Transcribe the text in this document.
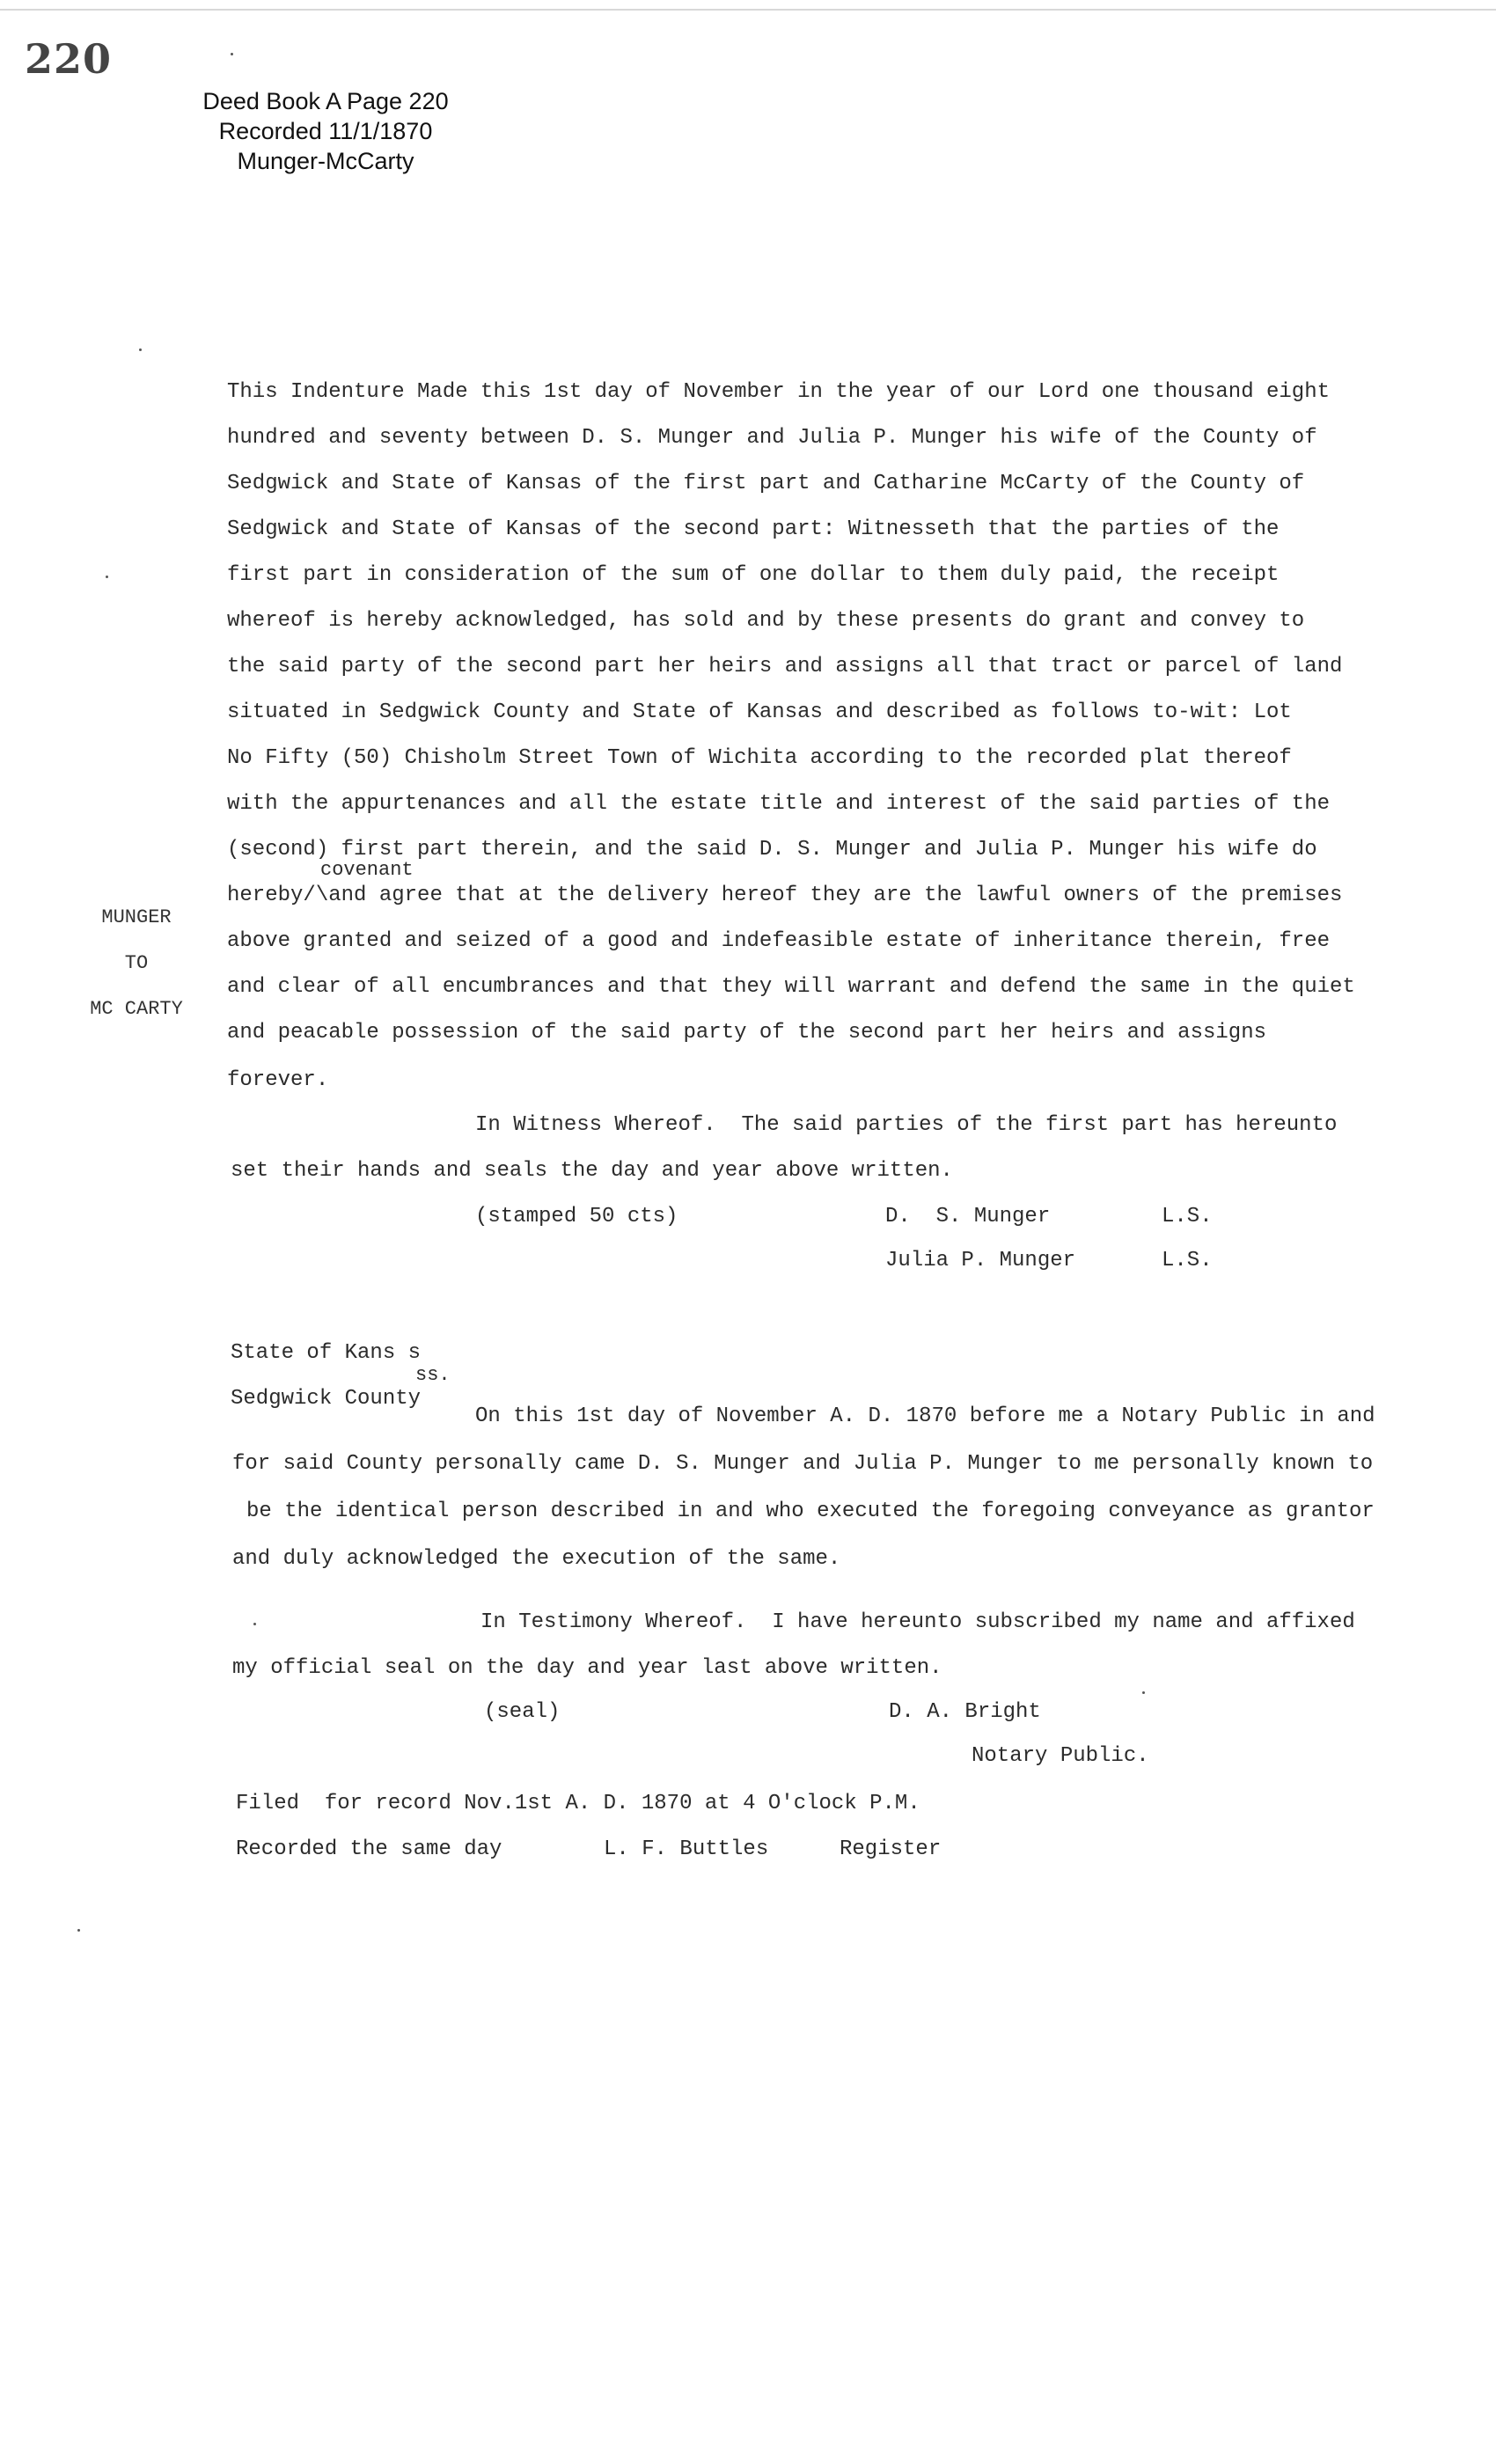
220
Deed Book A Page 220
Recorded 11/1/1870
Munger-McCarty
MUNGER
TO
MC CARTY
This Indenture Made this 1st day of November in the year of our Lord one thousand eight
hundred and seventy between D. S. Munger and Julia P. Munger his wife of the County of
Sedgwick and State of Kansas of the first part and Catharine McCarty of the County of
Sedgwick and State of Kansas of the second part: Witnesseth that the parties of the
first part in consideration of the sum of one dollar to them duly paid, the receipt
whereof is hereby acknowledged, has sold and by these presents do grant and convey to
the said party of the second part her heirs and assigns all that tract or parcel of land
situated in Sedgwick County and State of Kansas and described as follows to-wit: Lot
No Fifty (50) Chisholm Street Town of Wichita according to the recorded plat thereof
with the appurtenances and all the estate title and interest of the said parties of the
(second) first part therein, and the said D. S. Munger and Julia P. Munger his wife do
covenant
hereby/\and agree that at the delivery hereof they are the lawful owners of the premises
above granted and seized of a good and indefeasible estate of inheritance therein, free
and clear of all encumbrances and that they will warrant and defend the same in the quiet
and peacable possession of the said party of the second part her heirs and assigns
forever.
In Witness Whereof.  The said parties of the first part has hereunto
set their hands and seals the day and year above written.
(stamped 50 cts)	D.  S. Munger	L.S.
Julia P. Munger	L.S.
State of Kans s
ss.
Sedgwick County
On this 1st day of November A. D. 1870 before me a Notary Public in and
for said County personally came D. S. Munger and Julia P. Munger to me personally known to
be the identical person described in and who executed the foregoing conveyance as grantor
and duly acknowledged the execution of the same.
In Testimony Whereof.  I have hereunto subscribed my name and affixed
my official seal on the day and year last above written.
(seal)	D. A. Bright
Notary Public.
Filed  for record Nov.1st A. D. 1870 at 4 O'clock P.M.
Recorded the same day	L. F. Buttles	Register
